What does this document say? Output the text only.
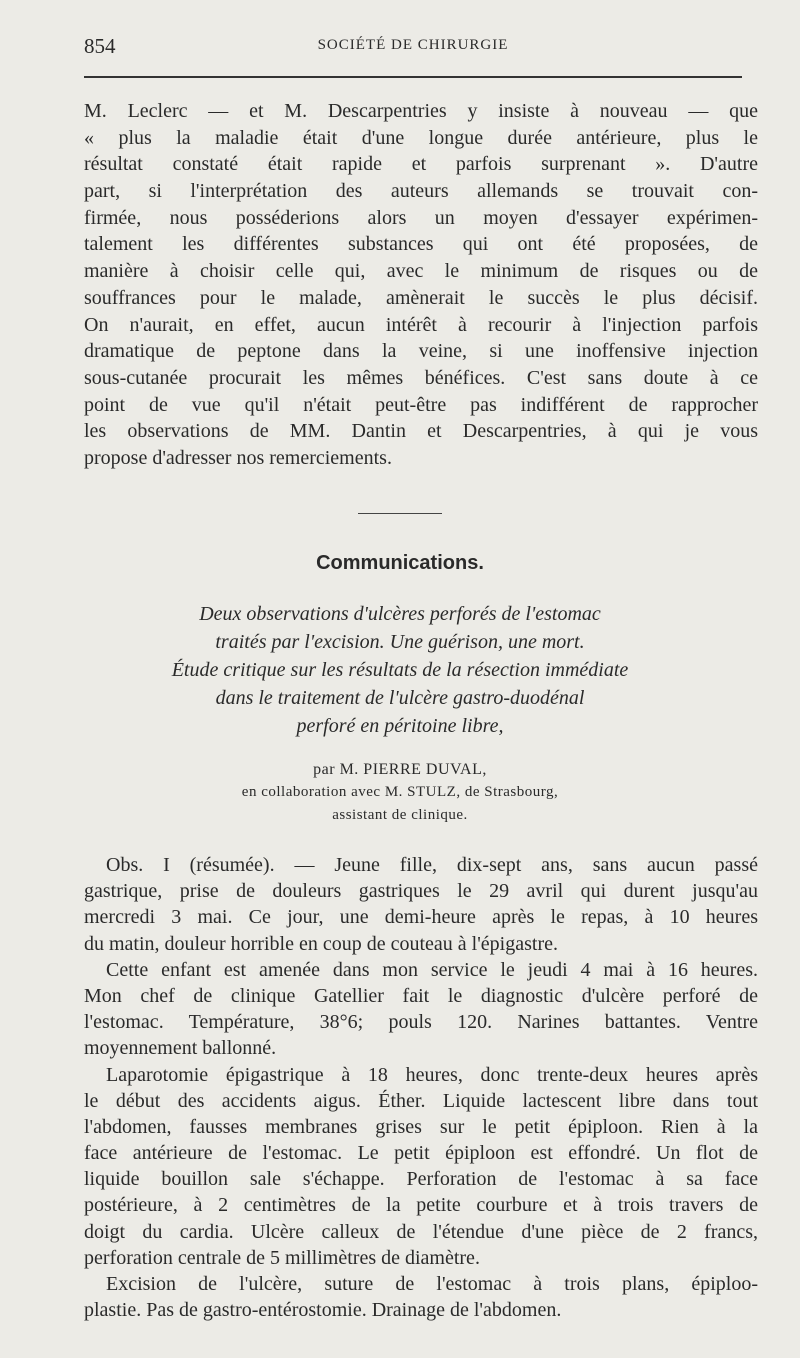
854	SOCIÉTÉ DE CHIRURGIE
M. Leclerc — et M. Descarpentries y insiste à nouveau — que
« plus la maladie était d'une longue durée antérieure, plus le
résultat constaté était rapide et parfois surprenant ». D'autre
part, si l'interprétation des auteurs allemands se trouvait con-
firmée, nous posséderions alors un moyen d'essayer expérimen-
talement les différentes substances qui ont été proposées, de
manière à choisir celle qui, avec le minimum de risques ou de
souffrances pour le malade, amènerait le succès le plus décisif.
On n'aurait, en effet, aucun intérêt à recourir à l'injection parfois
dramatique de peptone dans la veine, si une inoffensive injection
sous-cutanée procurait les mêmes bénéfices. C'est sans doute à ce
point de vue qu'il n'était peut-être pas indifférent de rapprocher
les observations de MM. Dantin et Descarpentries, à qui je vous
propose d'adresser nos remerciements.
Communications.
Deux observations d'ulcères perforés de l'estomac
traités par l'excision. Une guérison, une mort.
Étude critique sur les résultats de la résection immédiate
dans le traitement de l'ulcère gastro-duodénal
perforé en péritoine libre,
par M. PIERRE DUVAL,
en collaboration avec M. STULZ, de Strasbourg,
assistant de clinique.
Obs. I (résumée). — Jeune fille, dix-sept ans, sans aucun passé
gastrique, prise de douleurs gastriques le 29 avril qui durent jusqu'au
mercredi 3 mai. Ce jour, une demi-heure après le repas, à 10 heures
du matin, douleur horrible en coup de couteau à l'épigastre.
Cette enfant est amenée dans mon service le jeudi 4 mai à 16 heures.
Mon chef de clinique Gatellier fait le diagnostic d'ulcère perforé de
l'estomac. Température, 38°6; pouls 120. Narines battantes. Ventre
moyennement ballonné.
Laparotomie épigastrique à 18 heures, donc trente-deux heures après
le début des accidents aigus. Éther. Liquide lactescent libre dans tout
l'abdomen, fausses membranes grises sur le petit épiploon. Rien à la
face antérieure de l'estomac. Le petit épiploon est effondré. Un flot de
liquide bouillon sale s'échappe. Perforation de l'estomac à sa face
postérieure, à 2 centimètres de la petite courbure et à trois travers de
doigt du cardia. Ulcère calleux de l'étendue d'une pièce de 2 francs,
perforation centrale de 5 millimètres de diamètre.
Excision de l'ulcère, suture de l'estomac à trois plans, épiploo-
plastie. Pas de gastro-entérostomie. Drainage de l'abdomen.
